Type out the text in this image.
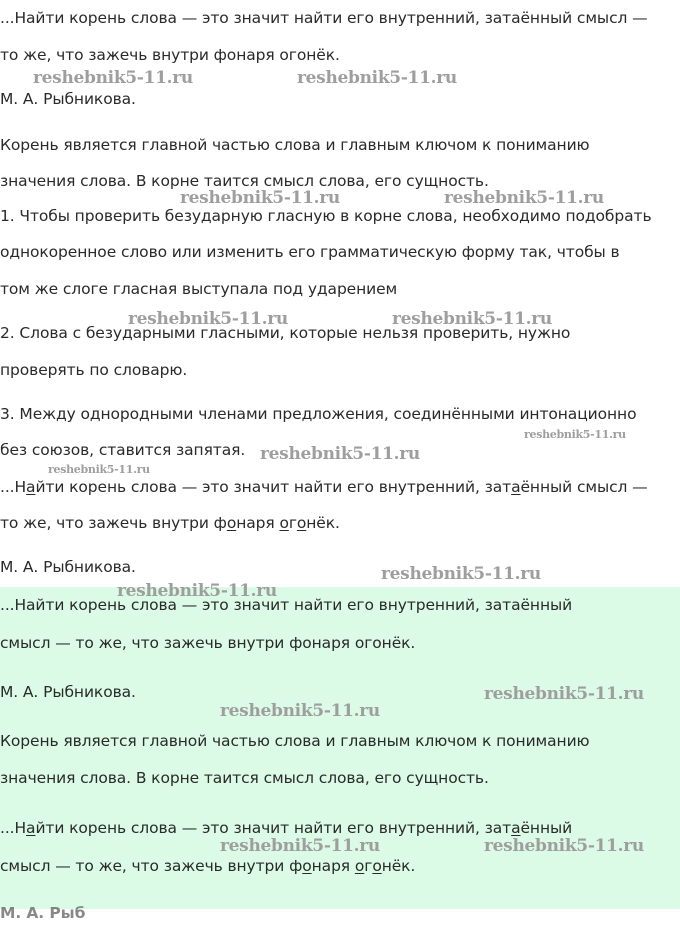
...Найти корень слова — это значит найти его внутренний, затаённый смысл —
то же, что зажечь внутри фонаря огонёк.
М. А. Рыбникова.
Корень является главной частью слова и главным ключом к пониманию
значения слова. В корне таится смысл слова, его сущность.
1. Чтобы проверить безударную гласную в корне слова, необходимо подобрать
однокоренное слово или изменить его грамматическую форму так, чтобы в
том же слоге гласная выступала под ударением
2. Слова с безударными гласными, которые нельзя проверить, нужно
проверять по словарю.
3. Между однородными членами предложения, соединёнными интонационно
без союзов, ставится запятая.
...Найти корень слова — это значит найти его внутренний, затаённый смысл —
то же, что зажечь внутри фонаря огонёк.
М. А. Рыбникова.
...Найти корень слова — это значит найти его внутренний, затаённый
смысл — то же, что зажечь внутри фонаря огонёк.
М. А. Рыбникова.
Корень является главной частью слова и главным ключом к пониманию
значения слова. В корне таится смысл слова, его сущность.
...Найти корень слова — это значит найти его внутренний, затаённый
смысл — то же, что зажечь внутри фонаря огонёк.
М. А. Рыб
reshebnik5-11.ru	reshebnik5-11.ru
reshebnik5-11.ru	reshebnik5-11.ru
reshebnik5-11.ru	reshebnik5-11.ru
reshebnik5-11.ru
reshebnik5-11.ru
reshebnik5-11.ru
reshebnik5-11.ru
reshebnik5-11.ru
reshebnik5-11.ru
reshebnik5-11.ru
reshebnik5-11.ru	reshebnik5-11.ru
